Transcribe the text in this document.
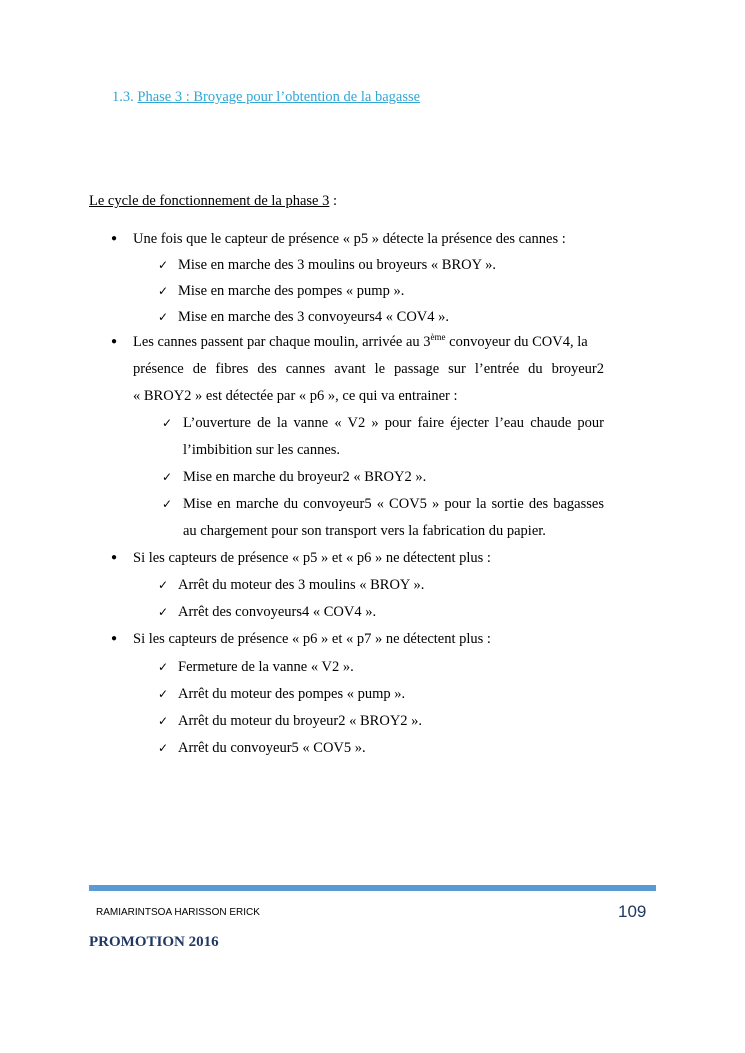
1.3. Phase 3 : Broyage pour l’obtention de la bagasse
Le cycle de fonctionnement de la phase 3 :
● Une fois que le capteur de présence « p5 » détecte la présence des cannes :
✓ Mise en marche des 3 moulins ou broyeurs « BROY ».
✓ Mise en marche des pompes « pump ».
✓ Mise en marche des 3 convoyeurs4 « COV4 ».
● Les cannes passent par chaque moulin, arrivée au 3ème convoyeur du COV4, la
présence de fibres des cannes avant le passage sur l’entrée du broyeur2
« BROY2 » est détectée par « p6 », ce qui va entrainer :
✓ L’ouverture de la vanne « V2 » pour faire éjecter l’eau chaude pour
l’imbibition sur les cannes.
✓ Mise en marche du broyeur2 « BROY2 ».
✓ Mise en marche du convoyeur5 « COV5 » pour la sortie des bagasses
au chargement pour son transport vers la fabrication du papier.
● Si les capteurs de présence « p5 » et « p6 » ne détectent plus :
✓ Arrêt du moteur des 3 moulins « BROY ».
✓ Arrêt des convoyeurs4 « COV4 ».
● Si les capteurs de présence « p6 » et « p7 » ne détectent plus :
✓ Fermeture de la vanne « V2 ».
✓ Arrêt du moteur des pompes « pump ».
✓ Arrêt du moteur du broyeur2 « BROY2 ».
✓ Arrêt du convoyeur5 « COV5 ».
RAMIARINTSOA HARISSON ERICK	109
PROMOTION 2016
